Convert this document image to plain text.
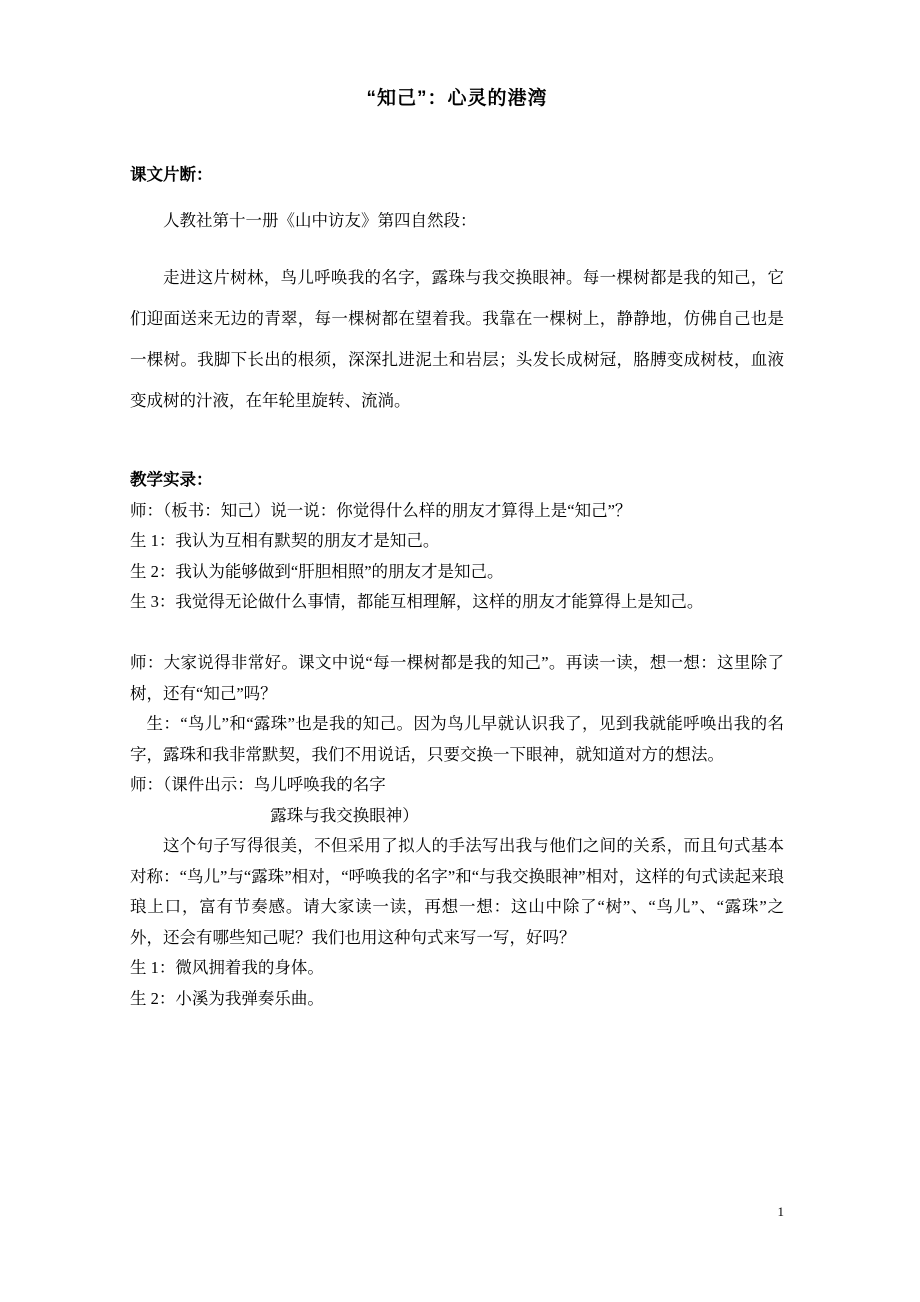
“知己”：心灵的港湾
课文片断：

人教社第十一册《山中访友》第四自然段：

走进这片树林，鸟儿呼唤我的名字，露珠与我交换眼神。每一棵树都是我的知己，它们迎面送来无边的青翠，每一棵树都在望着我。我靠在一棵树上，静静地，仿佛自己也是一棵树。我脚下长出的根须，深深扎进泥土和岩层；头发长成树冠，胳膊变成树枝，血液变成树的汁液，在年轮里旋转、流淌。

教学实录：

师：（板书：知己）说一说：你觉得什么样的朋友才算得上是“知己”？

生 1：我认为互相有默契的朋友才是知己。

生 2：我认为能够做到“肝胆相照”的朋友才是知己。

生 3：我觉得无论做什么事情，都能互相理解，这样的朋友才能算得上是知己。

师：大家说得非常好。课文中说“每一棵树都是我的知己”。再读一读，想一想：这里除了树，还有“知己”吗？

生：“鸟儿”和“露珠”也是我的知己。因为鸟儿早就认识我了，见到我就能呼唤出我的名字，露珠和我非常默契，我们不用说话，只要交换一下眼神，就知道对方的想法。

师：（课件出示：鸟儿呼唤我的名字

露珠与我交换眼神）

这个句子写得很美，不但采用了拟人的手法写出我与他们之间的关系，而且句式基本对称：“鸟儿”与“露珠”相对，“呼唤我的名字”和“与我交换眼神”相对，这样的句式读起来琅琅上口，富有节奏感。请大家读一读，再想一想：这山中除了“树”、“鸟儿”、“露珠”之外，还会有哪些知己呢？我们也用这种句式来写一写，好吗？

生 1：微风拥着我的身体。

生 2：小溪为我弹奏乐曲。

1
